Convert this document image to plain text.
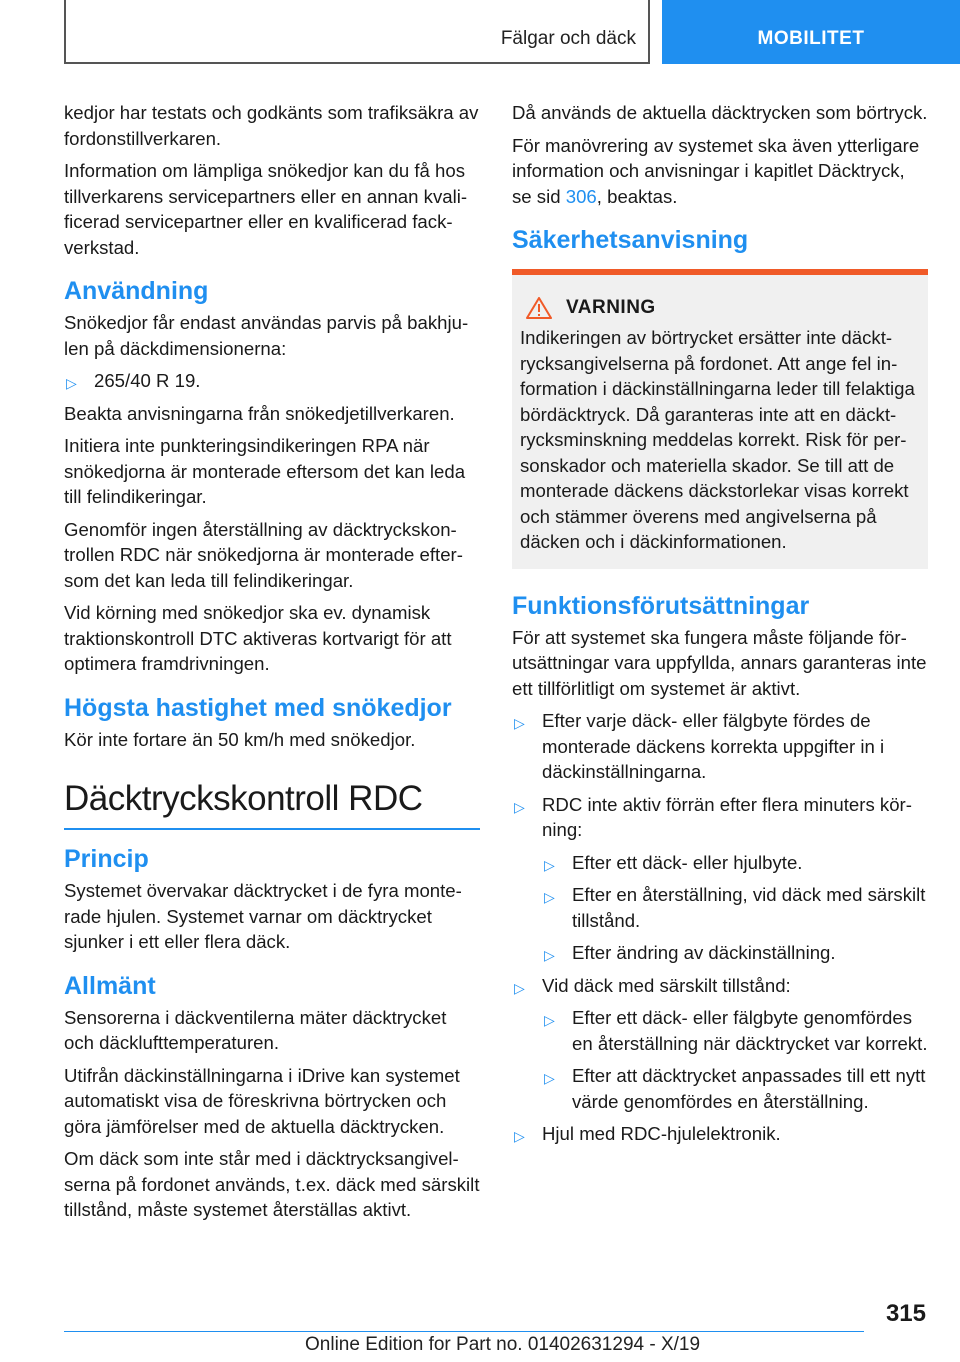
Fälgar och däck	MOBILITET

kedjor har testats och godkänts som trafiksäkra av fordonstillverkaren.

Information om lämpliga snökedjor kan du få hos tillverkarens servicepartners eller en annan kvalificerad servicepartner eller en kvalificerad fackverkstad.

Användning

Snökedjor får endast användas parvis på bakhjulen på däckdimensionerna:

▷ 265/40 R 19.

Beakta anvisningarna från snökedjetillverkaren.

Initiera inte punkteringsindikeringen RPA när snökedjorna är monterade eftersom det kan leda till felindikeringar.

Genomför ingen återställning av däcktryckskontrollen RDC när snökedjorna är monterade eftersom det kan leda till felindikeringar.

Vid körning med snökedjor ska ev. dynamisk traktionskontroll DTC aktiveras kortvarigt för att optimera framdrivningen.

Högsta hastighet med snökedjor

Kör inte fortare än 50 km/h med snökedjor.

Däcktryckskontroll RDC
Princip

Systemet övervakar däcktrycket i de fyra monterade hjulen. Systemet varnar om däcktrycket sjunker i ett eller flera däck.

Allmänt

Sensorerna i däckventilerna mäter däcktrycket och däcklufttemperaturen.

Utifrån däckinställningarna i iDrive kan systemet automatiskt visa de föreskrivna börtrycken och göra jämförelser med de aktuella däcktrycken.

Om däck som inte står med i däcktrycksangivelserna på fordonet används, t.ex. däck med särskilt tillstånd, måste systemet återställas aktivt.

Då används de aktuella däcktrycken som börtryck.

För manövrering av systemet ska även ytterligare information och anvisningar i kapitlet Däcktryck, se sid 306, beaktas.

Säkerhetsanvisning
VARNING

Indikeringen av börtrycket ersätter inte däcktrycksangivelserna på fordonet. Att ange fel information i däckinställningarna leder till felaktiga bördäcktryck. Då garanteras inte att en däcktrycksminskning meddelas korrekt. Risk för personskador och materiella skador. Se till att de monterade däckens däckstorlekar visas korrekt och stämmer överens med angivelserna på däcken och i däckinformationen.

Funktionsförutsättningar

För att systemet ska fungera måste följande förutsättningar vara uppfyllda, annars garanteras inte ett tillförlitligt om systemet är aktivt.

▷ Efter varje däck- eller fälgbyte fördes de monterade däckens korrekta uppgifter in i däckinställningarna.
▷ RDC inte aktiv förrän efter flera minuters körning:
▷ Efter ett däck- eller hjulbyte.
▷ Efter en återställning, vid däck med särskilt tillstånd.
▷ Efter ändring av däckinställning.
▷ Vid däck med särskilt tillstånd:
▷ Efter ett däck- eller fälgbyte genomfördes en återställning när däcktrycket var korrekt.
▷ Efter att däcktrycket anpassades till ett nytt värde genomfördes en återställning.
▷ Hjul med RDC-hjulelektronik.
315
Online Edition for Part no. 01402631294 - X/19
